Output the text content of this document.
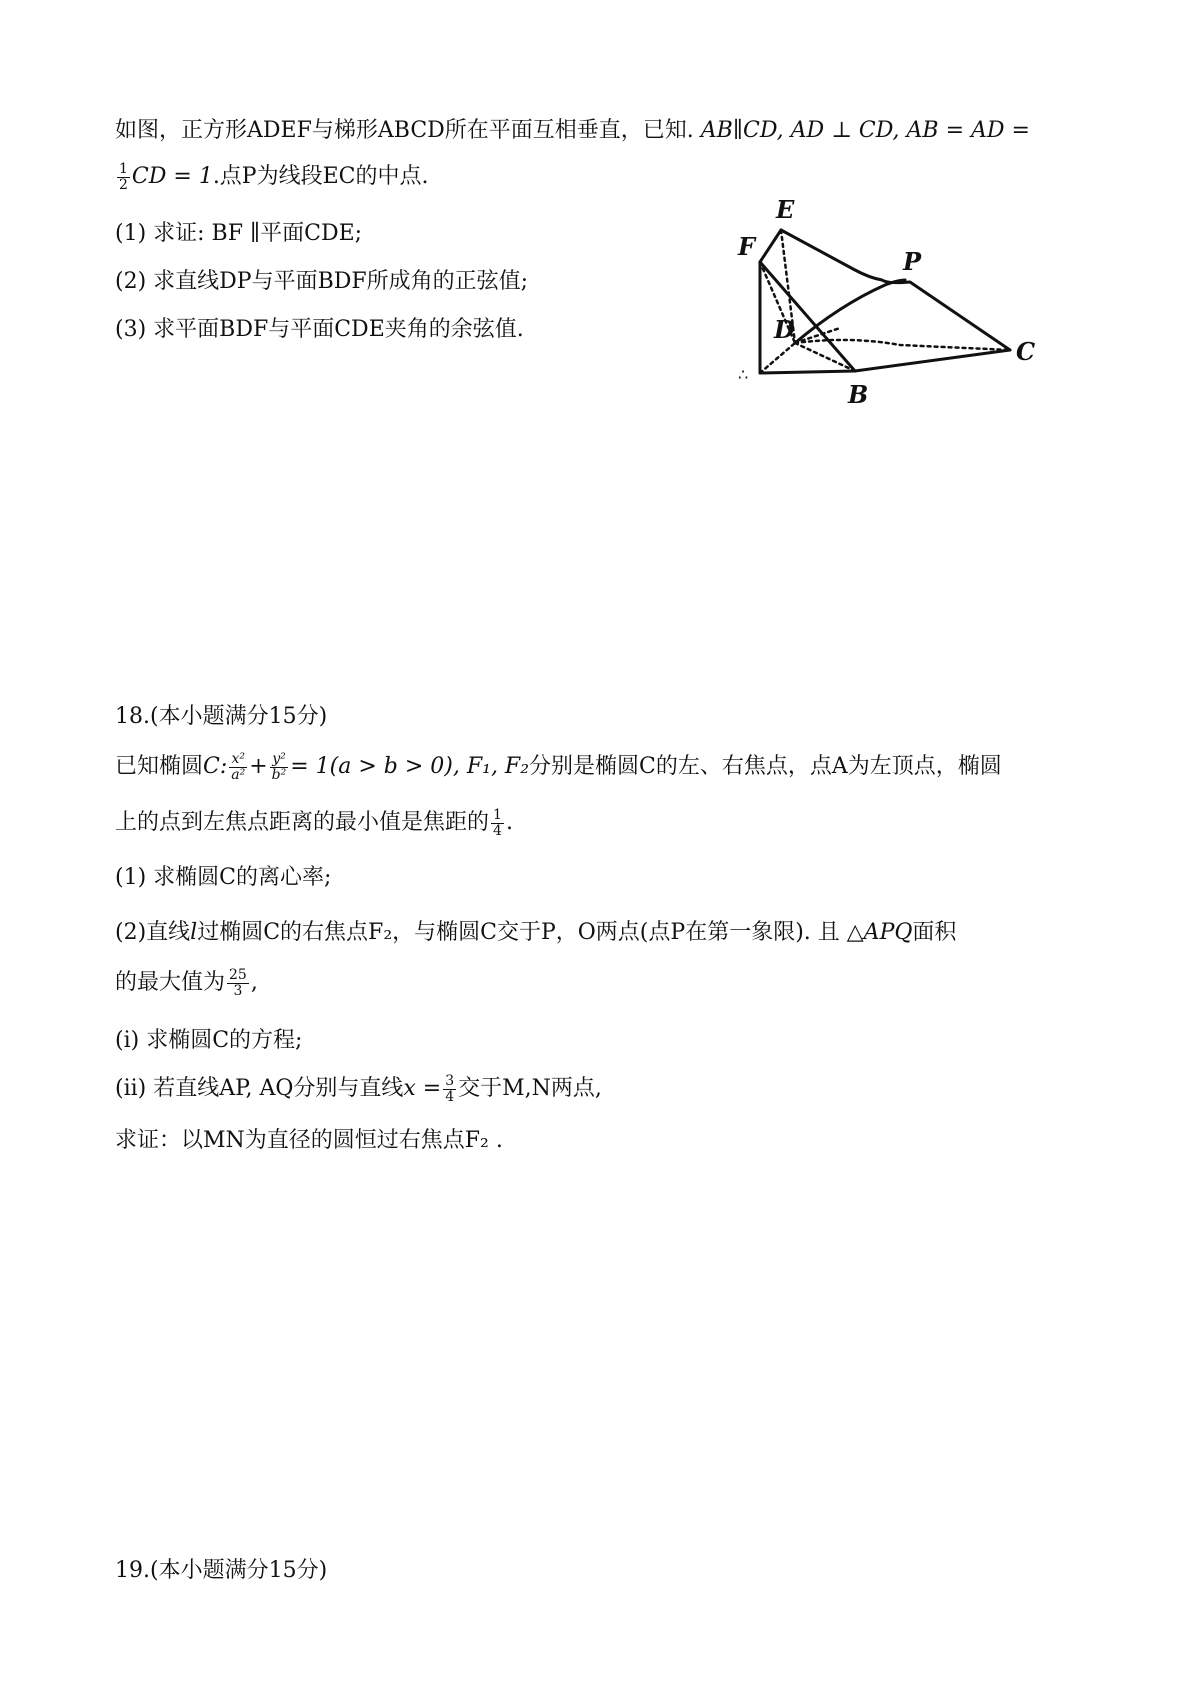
如图，正方形ADEF与梯形ABCD所在平面互相垂直，已知. AB∥CD, AD ⊥ CD, AB = AD =
$\frac{1}{2}$ CD = 1.点P为线段EC的中点.
(1) 求证: BF ∥平面CDE;
(2) 求直线DP与平面BDF所成角的正弦值;
(3) 求平面BDF与平面CDE夹角的余弦值.
E
F
P
D
C
B
∴
18.(本小题满分15分)
已知椭圆C: $\frac{\text{x²}}{\text{a²}} + \frac{\text{y²}}{\text{b²}} = 1(a > b > 0)$, F₁, F₂分别是椭圆C的左、右焦点，点A为左顶点，椭圆
上的点到左焦点距离的最小值是焦距的 $\frac{1}{4}$ .
(1) 求椭圆C的离心率;
(2)直线l过椭圆C的右焦点F₂，与椭圆C交于P，O两点(点P在第一象限). 且 △APQ面积
的最大值为 $\frac{25}{3}$ ,
(i) 求椭圆C的方程;
(ii) 若直线AP, AQ分别与直线$x = \frac{3}{4}$ 交于M,N两点,
求证：以MN为直径的圆恒过右焦点F₂ .
19.(本小题满分15分)
